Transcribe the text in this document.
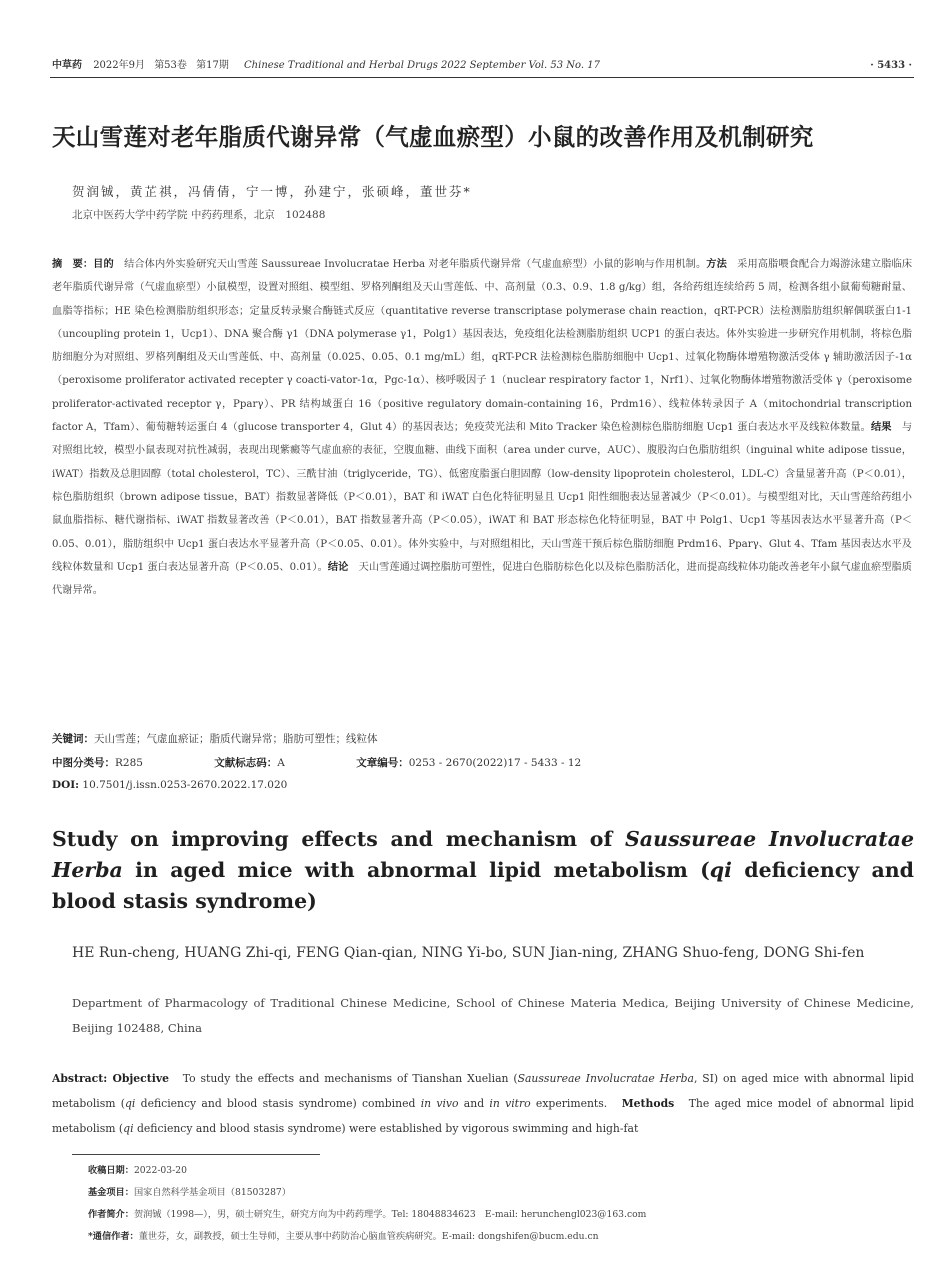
中草药 2022年9月 第53卷 第17期 Chinese Traditional and Herbal Drugs 2022 September Vol. 53 No. 17	· 5433 ·
天山雪莲对老年脂质代谢异常（气虚血瘀型）小鼠的改善作用及机制研究
贺润铖，黄芷祺，冯倩倩，宁一博，孙建宁，张硕峰，董世芬*
北京中医药大学中药学院 中药药理系，北京　102488
摘　要：目的　 结合体内外实验研究天山雪莲 Saussureae Involucratae Herba 对老年脂质代谢异常（气虚血瘀型）小鼠的影响与作用机制。方法　 采用高脂喂食配合力竭游泳建立脂临床老年脂质代谢异常（气虚血瘀型）小鼠模型，设置对照组、模型组、罗格列酮组及天山雪莲低、中、高剂量（0.3、0.9、1.8 g/kg）组，各给药组连续给药 5 周，检测各组小鼠葡萄糖耐量、血脂等指标；HE 染色检测脂肪组织形态；定量反转录聚合酶链式反应（quantitative reverse transcriptase polymerase chain reaction，qRT-PCR）法检测脂肪组织解偶联蛋白1-1（uncoupling protein 1，Ucp1）、DNA 聚合酶 γ1（DNA polymerase γ1，Polg1）基因表达，免疫组化法检测脂肪组织 UCP1 的蛋白表达。体外实验进一步研究作用机制，将棕色脂肪细胞分为对照组、罗格列酮组及天山雪莲低、中、高剂量（0.025、0.05、0.1 mg/mL）组，qRT-PCR 法检测棕色脂肪细胞中 Ucp1、过氧化物酶体增殖物激活受体 γ 辅助激活因子-1α（peroxisome proliferator activated recepter γ coacti-vator-1α，Pgc-1α）、核呼吸因子 1（nuclear respiratory factor 1，Nrf1）、过氧化物酶体增殖物激活受体 γ（peroxisome proliferator-activated receptor γ，Pparγ）、PR 结构域蛋白 16（positive regulatory domain-containing 16，Prdm16）、线粒体转录因子 A（mitochondrial transcription factor A，Tfam）、葡萄糖转运蛋白 4（glucose transporter 4，Glut 4）的基因表达；免疫荧光法和 Mito Tracker 染色检测棕色脂肪细胞 Ucp1 蛋白表达水平及线粒体数量。结果　 与对照组比较，模型小鼠表现对抗性减弱，表现出现紫癜等气虚血瘀的表征，空腹血糖、曲线下面积（area under curve，AUC）、腹股沟白色脂肪组织（inguinal white adipose tissue，iWAT）指数及总胆固醇（total cholesterol，TC）、三酰甘油（triglyceride，TG）、低密度脂蛋白胆固醇（low-density lipoprotein cholesterol，LDL-C）含量显著升高（P＜0.01），棕色脂肪组织（brown adipose tissue，BAT）指数显著降低（P＜0.01），BAT 和 iWAT 白色化特征明显且 Ucp1 阳性细胞表达显著减少（P＜0.01）。与模型组对比，天山雪莲给药组小鼠血脂指标、糖代谢指标、iWAT 指数显著改善（P＜0.01），BAT 指数显著升高（P＜0.05），iWAT 和 BAT 形态棕色化特征明显，BAT 中 Polg1、Ucp1 等基因表达水平显著升高（P＜0.05、0.01），脂肪组织中 Ucp1 蛋白表达水平显著升高（P＜0.05、0.01）。体外实验中，与对照组相比，天山雪莲干预后棕色脂肪细胞 Prdm16、Pparγ、Glut 4、Tfam 基因表达水平及线粒体数量和 Ucp1 蛋白表达显著升高（P＜0.05、0.01）。结论　 天山雪莲通过调控脂肪可塑性，促进白色脂肪棕色化以及棕色脂肪活化，进而提高线粒体功能改善老年小鼠气虚血瘀型脂质代谢异常。
关键词：天山雪莲；气虚血瘀证；脂质代谢异常；脂肪可塑性；线粒体
中图分类号：R285	文献标志码：A	文章编号：0253 - 2670(2022)17 - 5433 - 12
DOI: 10.7501/j.issn.0253-2670.2022.17.020
Study on improving effects and mechanism of Saussureae Involucratae Herba in aged mice with abnormal lipid metabolism (qi deficiency and blood stasis syndrome)
HE Run-cheng, HUANG Zhi-qi, FENG Qian-qian, NING Yi-bo, SUN Jian-ning, ZHANG Shuo-feng, DONG Shi-fen
Department of Pharmacology of Traditional Chinese Medicine, School of Chinese Materia Medica, Beijing University of Chinese Medicine, Beijing 102488, China
Abstract: Objective　 To study the effects and mechanisms of Tianshan Xuelian (Saussureae Involucratae Herba, SI) on aged mice with abnormal lipid metabolism (qi deficiency and blood stasis syndrome) combined in vivo and in vitro experiments.　 Methods　 The aged mice model of abnormal lipid metabolism (qi deficiency and blood stasis syndrome) were established by vigorous swimming and high-fat
收稿日期：2022-03-20
基金项目：国家自然科学基金项目（81503287）
作者简介：贺润铖（1998—），男，硕士研究生，研究方向为中药药理学。Tel: 18048834623　E-mail: herunchengl023@163.com
*通信作者：董世芬，女，副教授，硕士生导师，主要从事中药防治心脑血管疾病研究。E-mail: dongshifen@bucm.edu.cn
